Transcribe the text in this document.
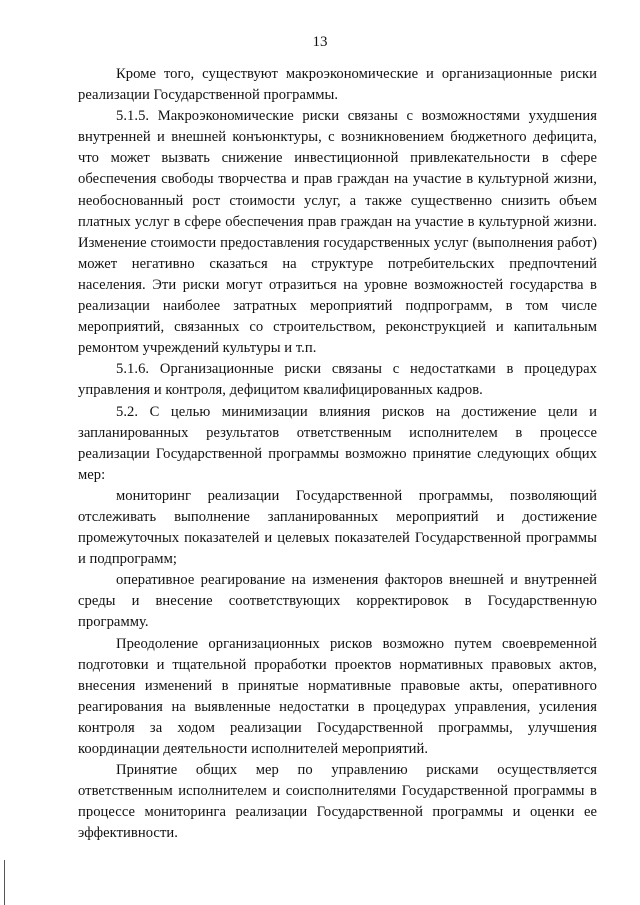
13

Кроме того, существуют макроэкономические и организационные риски реализации Государственной программы.

5.1.5. Макроэкономические риски связаны с возможностями ухудшения внутренней и внешней конъюнктуры, с возникновением бюджетного дефицита, что может вызвать снижение инвестиционной привлекательности в сфере обеспечения свободы творчества и прав граждан на участие в культурной жизни, необоснованный рост стоимости услуг, а также существенно снизить объем платных услуг в сфере обеспечения прав граждан на участие в культурной жизни. Изменение стоимости предоставления государственных услуг (выполнения работ) может негативно сказаться на структуре потребительских предпочтений населения. Эти риски могут отразиться на уровне возможностей государства в реализации наиболее затратных мероприятий подпрограмм, в том числе мероприятий, связанных со строительством, реконструкцией и капитальным ремонтом учреждений культуры и т.п.

5.1.6. Организационные риски связаны с недостатками в процедурах управления и контроля, дефицитом квалифицированных кадров.

5.2. С целью минимизации влияния рисков на достижение цели и запланированных результатов ответственным исполнителем в процессе реализации Государственной программы возможно принятие следующих общих мер:

мониторинг реализации Государственной программы, позволяющий отслеживать выполнение запланированных мероприятий и достижение промежуточных показателей и целевых показателей Государственной программы и подпрограмм;

оперативное реагирование на изменения факторов внешней и внутренней среды и внесение соответствующих корректировок в Государственную программу.

Преодоление организационных рисков возможно путем своевременной подготовки и тщательной проработки проектов нормативных правовых актов, внесения изменений в принятые нормативные правовые акты, оперативного реагирования на выявленные недостатки в процедурах управления, усиления контроля за ходом реализации Государственной программы, улучшения координации деятельности исполнителей мероприятий.

Принятие общих мер по управлению рисками осуществляется ответственным исполнителем и соисполнителями Государственной программы в процессе мониторинга реализации Государственной программы и оценки ее эффективности.
